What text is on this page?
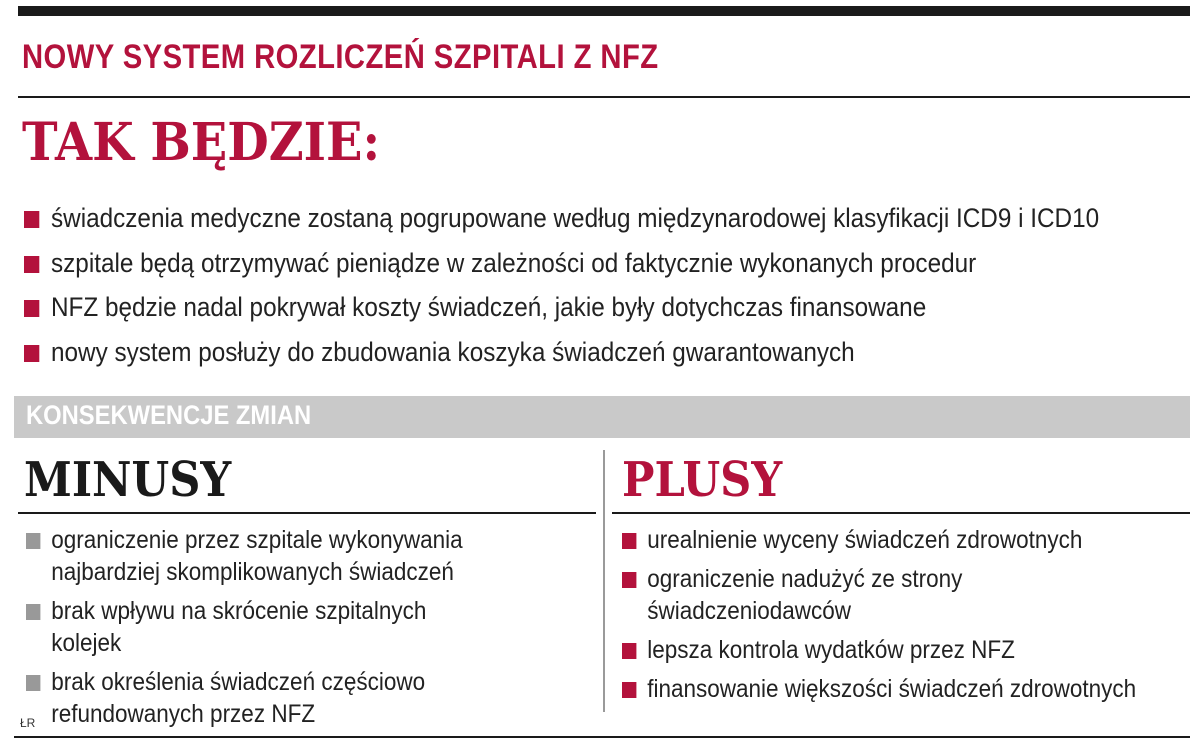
NOWY SYSTEM ROZLICZEŃ SZPITALI Z NFZ
TAK BĘDZIE:
świadczenia medyczne zostaną pogrupowane według międzynarodowej klasyfikacji ICD9 i ICD10
szpitale będą otrzymywać pieniądze w zależności od faktycznie wykonanych procedur
NFZ będzie nadal pokrywał koszty świadczeń, jakie były dotychczas finansowane
nowy system posłuży do zbudowania koszyka świadczeń gwarantowanych
KONSEKWENCJE ZMIAN
MINUSY	PLUSY
ograniczenie przez szpitale wykonywania najbardziej skomplikowanych świadczeń
brak wpływu na skrócenie szpitalnych kolejek
brak określenia świadczeń częściowo refundowanych przez NFZ
urealnienie wyceny świadczeń zdrowotnych
ograniczenie nadużyć ze strony świadczeniodawców
lepsza kontrola wydatków przez NFZ
finansowanie większości świadczeń zdrowotnych
ŁR
